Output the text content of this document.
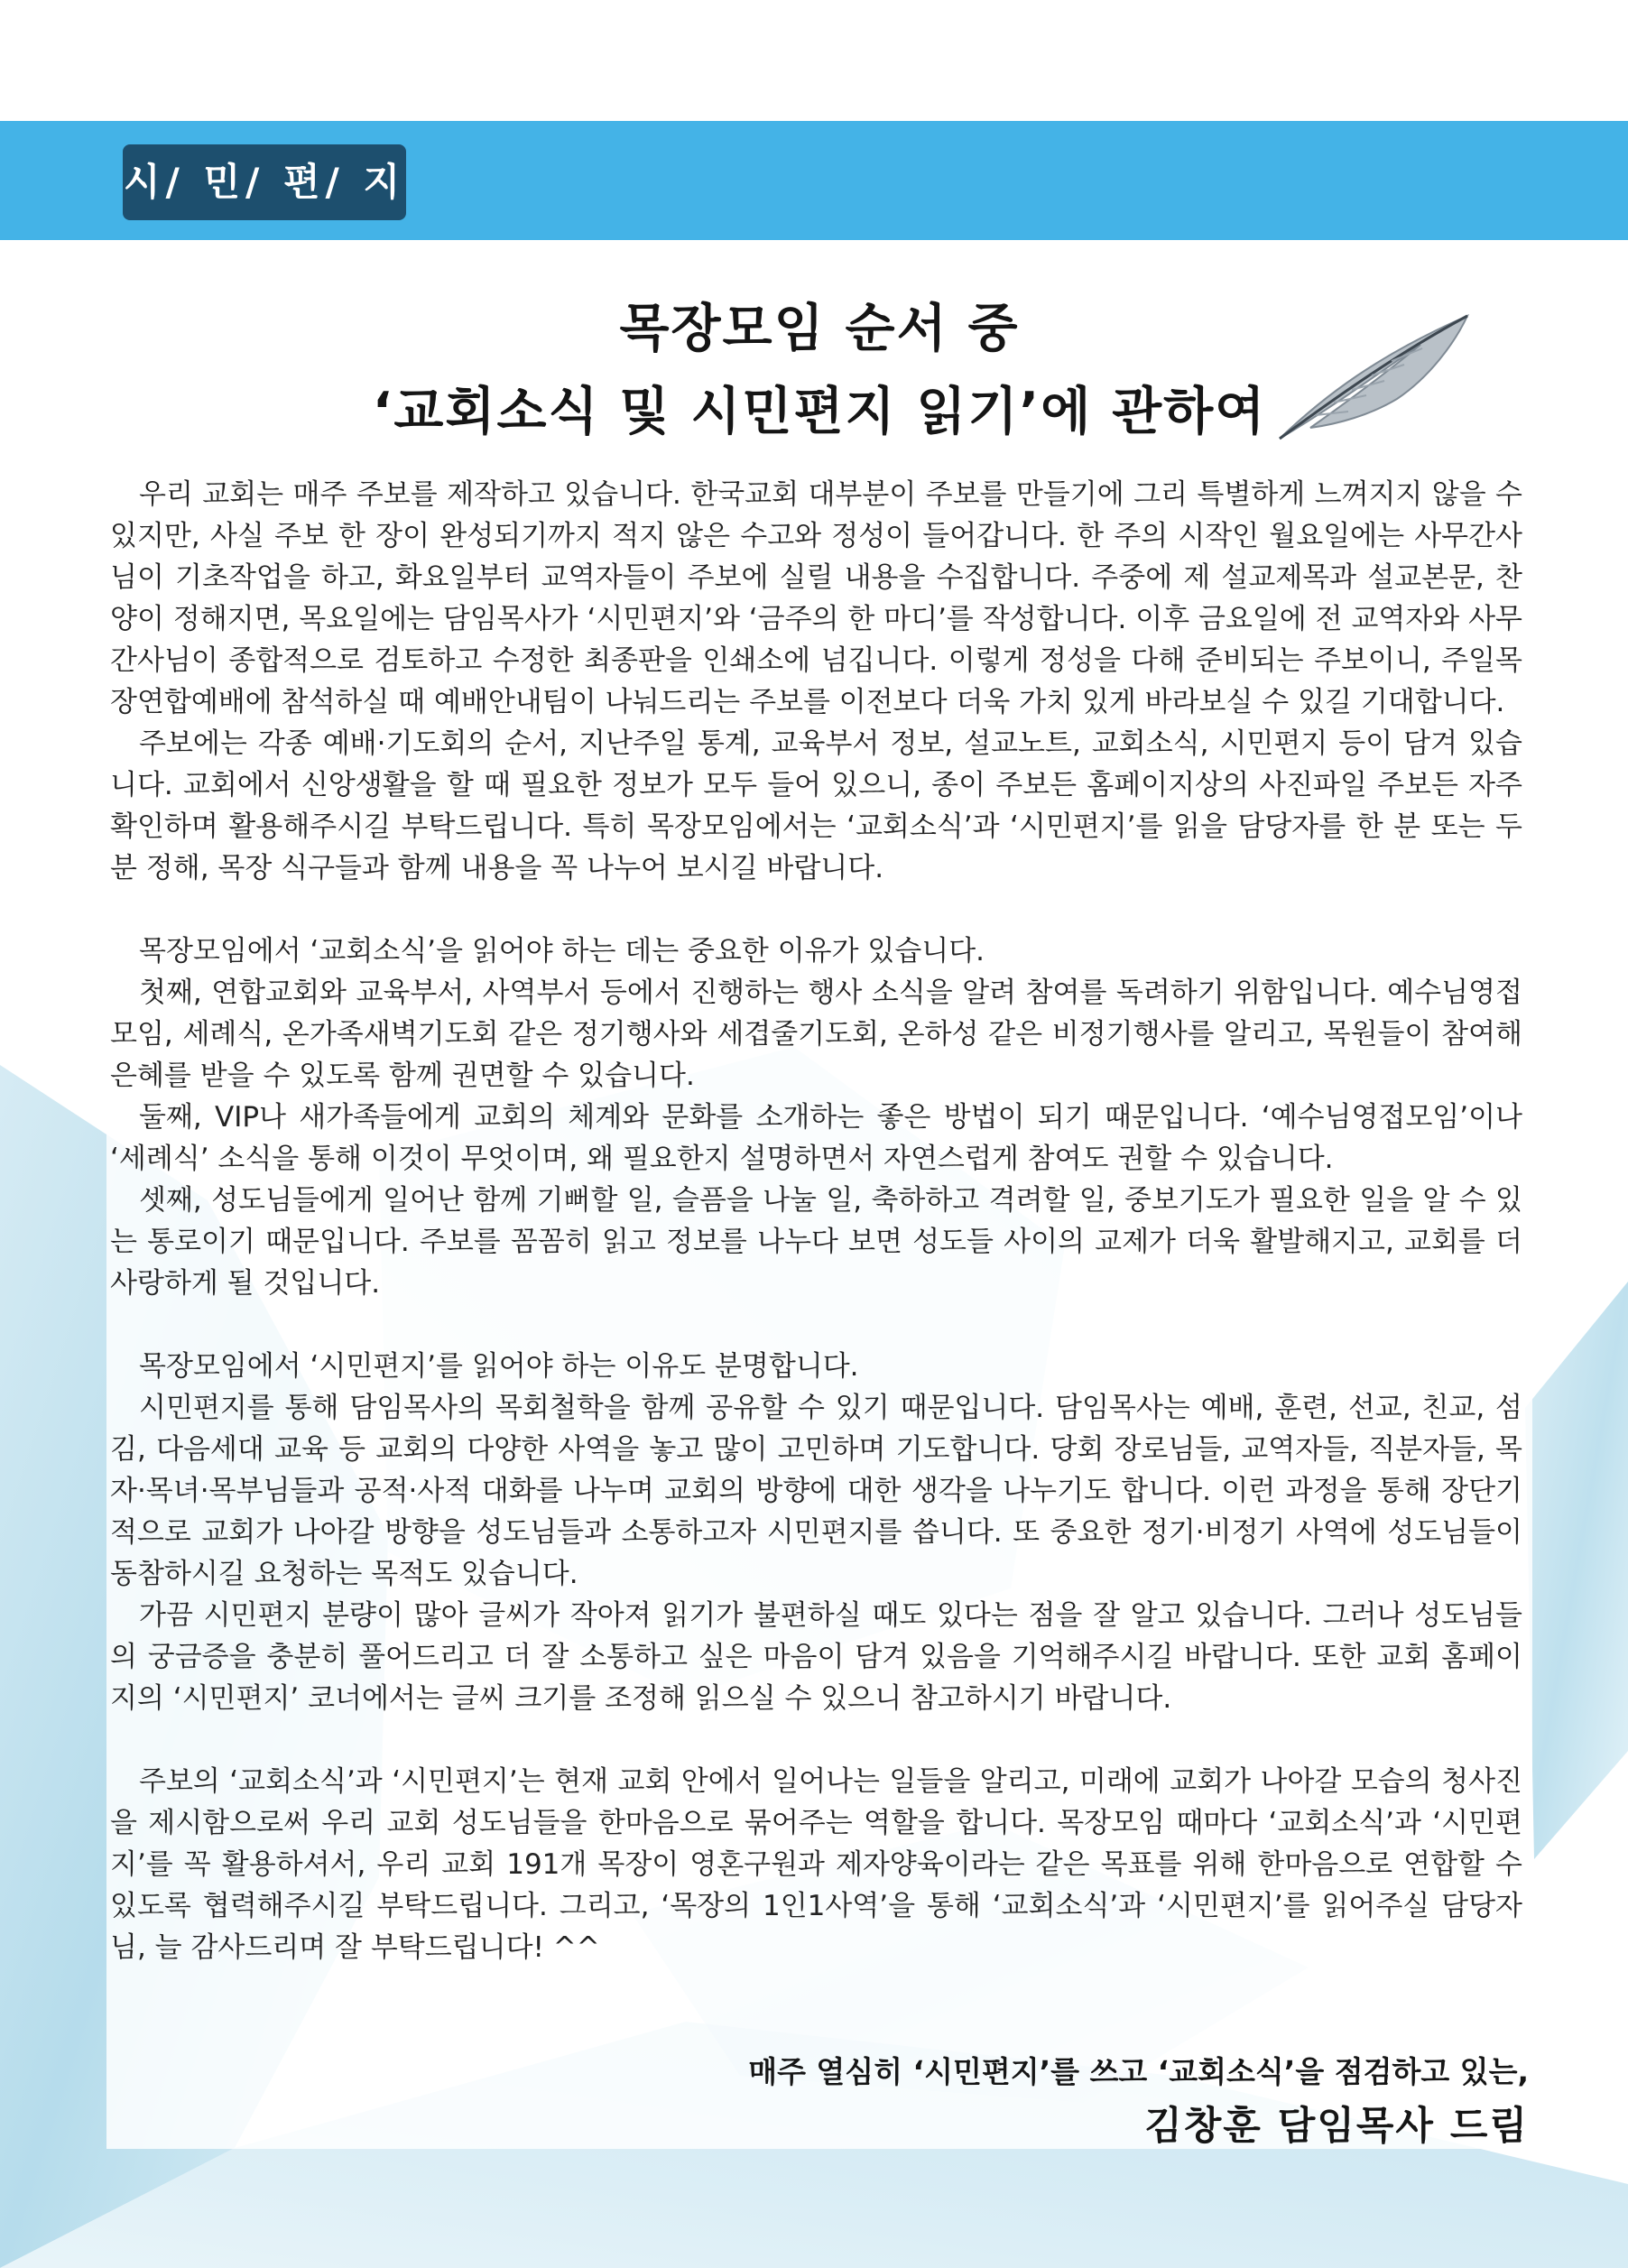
시/ 민/ 편/ 지
목장모임 순서 중
‘교회소식 및 시민편지 읽기’에 관하여

우리 교회는 매주 주보를 제작하고 있습니다. 한국교회 대부분이 주보를 만들기에 그리 특별하게 느껴지지 않을 수 있지만, 사실 주보 한 장이 완성되기까지 적지 않은 수고와 정성이 들어갑니다. 한 주의 시작인 월요일에는 사무간사님이 기초작업을 하고, 화요일부터 교역자들이 주보에 실릴 내용을 수집합니다. 주중에 제 설교제목과 설교본문, 찬양이 정해지면, 목요일에는 담임목사가 ‘시민편지’와 ‘금주의 한 마디’를 작성합니다. 이후 금요일에 전 교역자와 사무간사님이 종합적으로 검토하고 수정한 최종판을 인쇄소에 넘깁니다. 이렇게 정성을 다해 준비되는 주보이니, 주일목장연합예배에 참석하실 때 예배안내팀이 나눠드리는 주보를 이전보다 더욱 가치 있게 바라보실 수 있길 기대합니다.

주보에는 각종 예배·기도회의 순서, 지난주일 통계, 교육부서 정보, 설교노트, 교회소식, 시민편지 등이 담겨 있습니다. 교회에서 신앙생활을 할 때 필요한 정보가 모두 들어 있으니, 종이 주보든 홈페이지상의 사진파일 주보든 자주 확인하며 활용해주시길 부탁드립니다. 특히 목장모임에서는 ‘교회소식’과 ‘시민편지’를 읽을 담당자를 한 분 또는 두 분 정해, 목장 식구들과 함께 내용을 꼭 나누어 보시길 바랍니다.

목장모임에서 ‘교회소식’을 읽어야 하는 데는 중요한 이유가 있습니다.

첫째, 연합교회와 교육부서, 사역부서 등에서 진행하는 행사 소식을 알려 참여를 독려하기 위함입니다. 예수님영접모임, 세례식, 온가족새벽기도회 같은 정기행사와 세겹줄기도회, 온하성 같은 비정기행사를 알리고, 목원들이 참여해 은혜를 받을 수 있도록 함께 권면할 수 있습니다.

둘째, VIP나 새가족들에게 교회의 체계와 문화를 소개하는 좋은 방법이 되기 때문입니다. ‘예수님영접모임’이나 ‘세례식’ 소식을 통해 이것이 무엇이며, 왜 필요한지 설명하면서 자연스럽게 참여도 권할 수 있습니다.

셋째, 성도님들에게 일어난 함께 기뻐할 일, 슬픔을 나눌 일, 축하하고 격려할 일, 중보기도가 필요한 일을 알 수 있는 통로이기 때문입니다. 주보를 꼼꼼히 읽고 정보를 나누다 보면 성도들 사이의 교제가 더욱 활발해지고, 교회를 더 사랑하게 될 것입니다.

목장모임에서 ‘시민편지’를 읽어야 하는 이유도 분명합니다.

시민편지를 통해 담임목사의 목회철학을 함께 공유할 수 있기 때문입니다. 담임목사는 예배, 훈련, 선교, 친교, 섬김, 다음세대 교육 등 교회의 다양한 사역을 놓고 많이 고민하며 기도합니다. 당회 장로님들, 교역자들, 직분자들, 목자·목녀·목부님들과 공적·사적 대화를 나누며 교회의 방향에 대한 생각을 나누기도 합니다. 이런 과정을 통해 장단기적으로 교회가 나아갈 방향을 성도님들과 소통하고자 시민편지를 씁니다. 또 중요한 정기·비정기 사역에 성도님들이 동참하시길 요청하는 목적도 있습니다.

가끔 시민편지 분량이 많아 글씨가 작아져 읽기가 불편하실 때도 있다는 점을 잘 알고 있습니다. 그러나 성도님들의 궁금증을 충분히 풀어드리고 더 잘 소통하고 싶은 마음이 담겨 있음을 기억해주시길 바랍니다. 또한 교회 홈페이지의 ‘시민편지’ 코너에서는 글씨 크기를 조정해 읽으실 수 있으니 참고하시기 바랍니다.

주보의 ‘교회소식’과 ‘시민편지’는 현재 교회 안에서 일어나는 일들을 알리고, 미래에 교회가 나아갈 모습의 청사진을 제시함으로써 우리 교회 성도님들을 한마음으로 묶어주는 역할을 합니다. 목장모임 때마다 ‘교회소식’과 ‘시민편지’를 꼭 활용하셔서, 우리 교회 191개 목장이 영혼구원과 제자양육이라는 같은 목표를 위해 한마음으로 연합할 수 있도록 협력해주시길 부탁드립니다. 그리고, ‘목장의 1인1사역’을 통해 ‘교회소식’과 ‘시민편지’를 읽어주실 담당자님, 늘 감사드리며 잘 부탁드립니다! ^^

매주 열심히 ‘시민편지’를 쓰고 ‘교회소식’을 점검하고 있는,
김창훈 담임목사 드림
